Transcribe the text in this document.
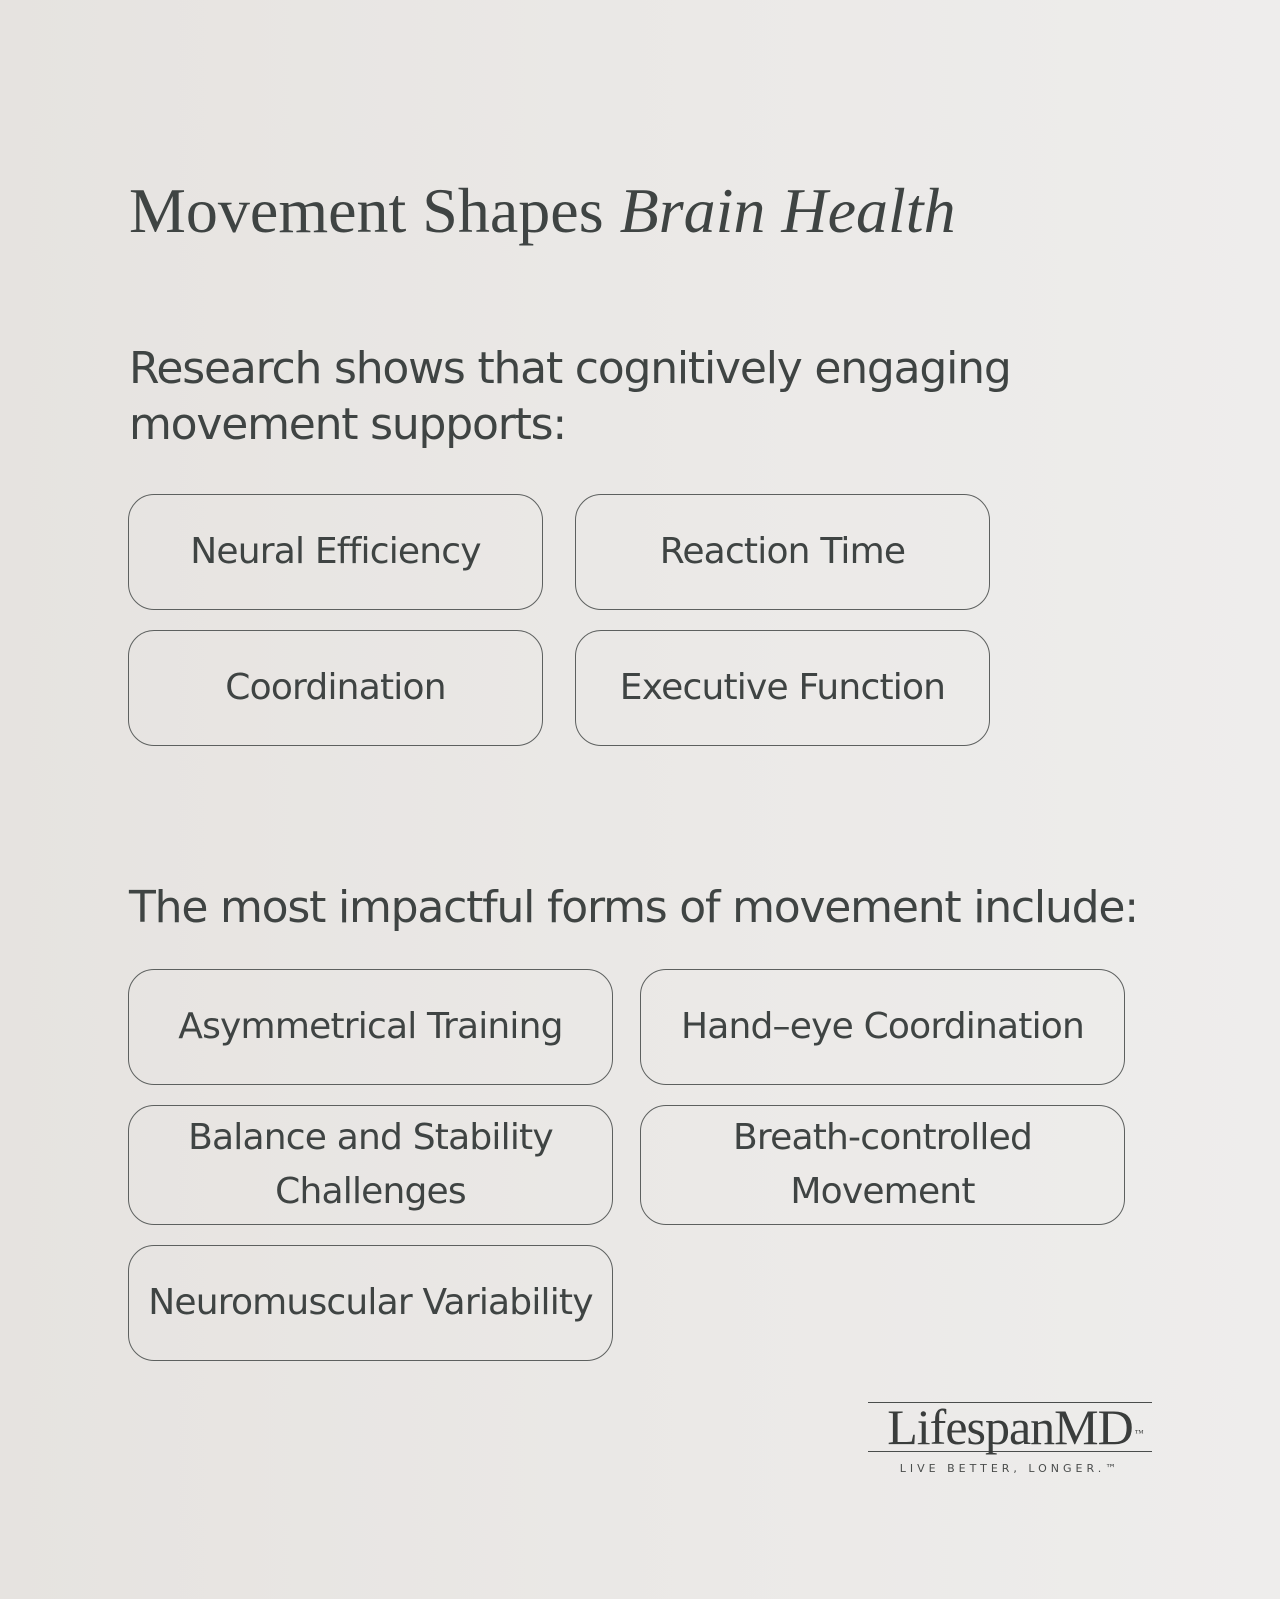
Movement Shapes Brain Health
Research shows that cognitively engaging movement supports:
Neural Efficiency	Reaction Time
Coordination	Executive Function
The most impactful forms of movement include:
Asymmetrical Training	Hand–eye Coordination
Balance and Stability Challenges
Breath-controlled Movement
Neuromuscular Variability
LifespanMD ™
LIVE BETTER, LONGER.™
